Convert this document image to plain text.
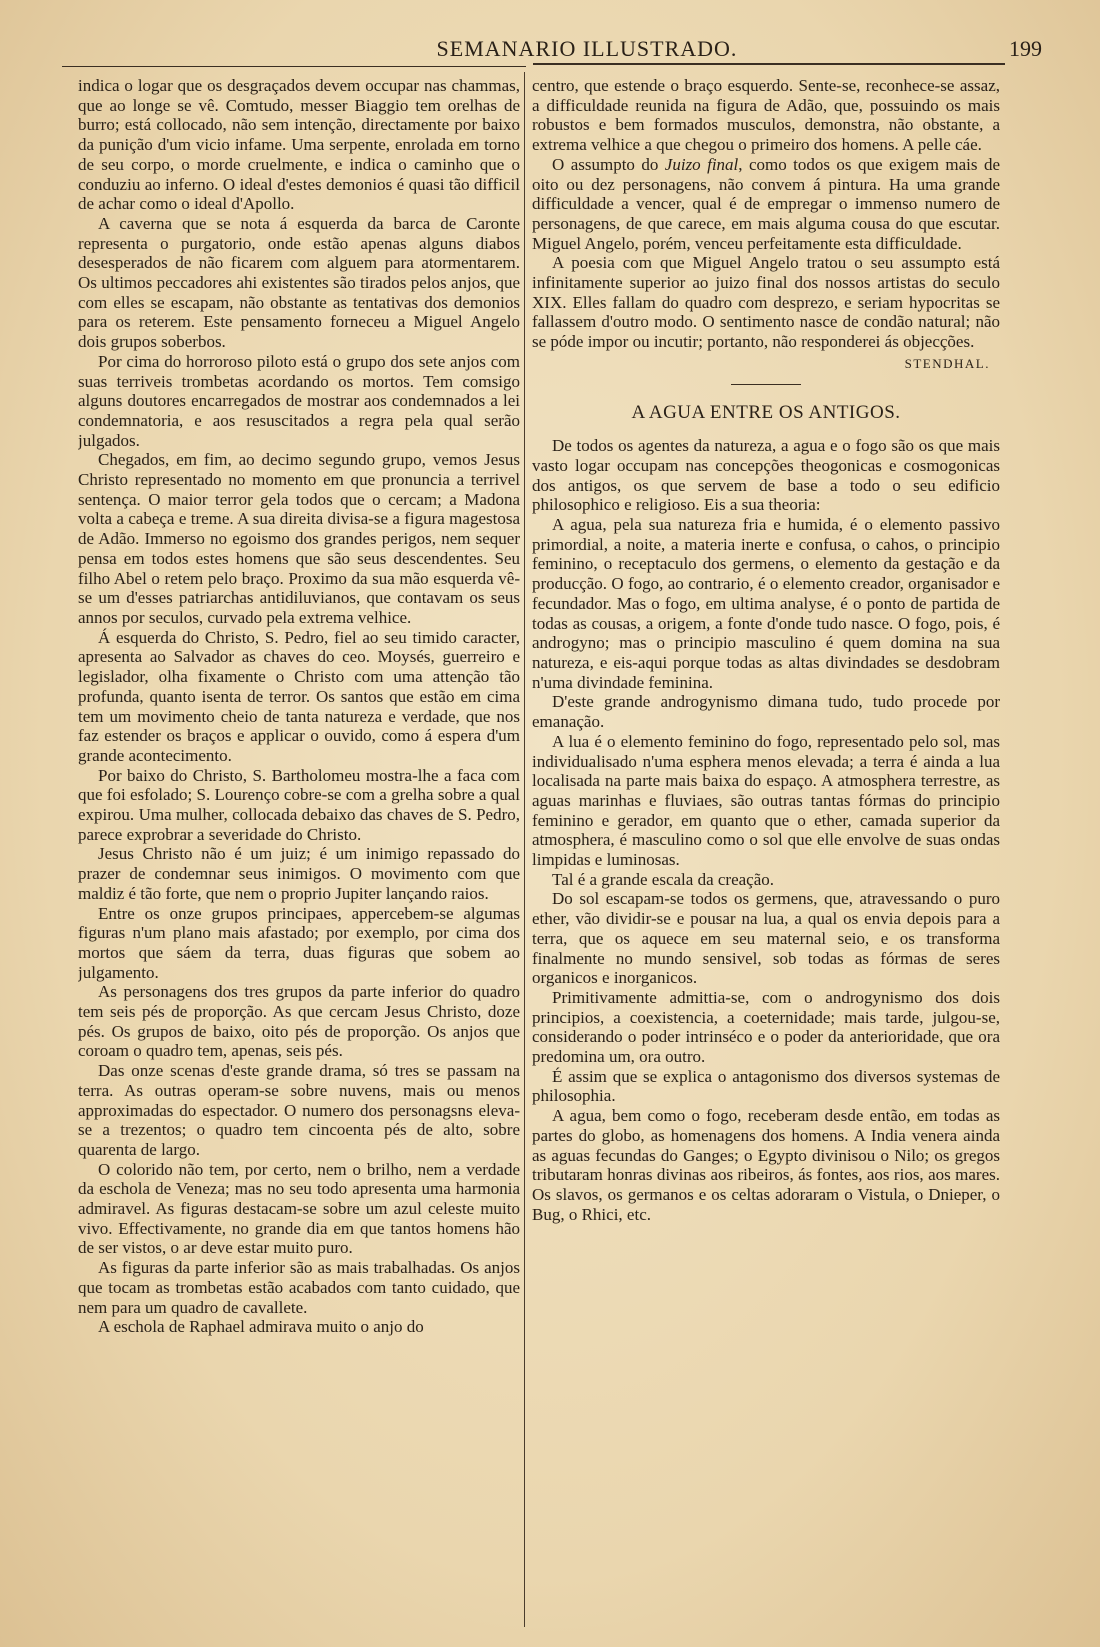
SEMANARIO ILLUSTRADO.	199

indica o logar que os desgraçados devem occupar nas chammas, que ao longe se vê. Comtudo, messer Biaggio tem orelhas de burro; está collocado, não sem intenção, directamente por baixo da punição d'um vicio infame. Uma serpente, enrolada em torno de seu corpo, o morde cruelmente, e indica o caminho que o conduziu ao inferno. O ideal d'estes demonios é quasi tão difficil de achar como o ideal d'Apollo.

A caverna que se nota á esquerda da barca de Caronte representa o purgatorio, onde estão apenas alguns diabos desesperados de não ficarem com alguem para atormentarem. Os ultimos peccadores ahi existentes são tirados pelos anjos, que com elles se escapam, não obstante as tentativas dos demonios para os reterem. Este pensamento forneceu a Miguel Angelo dois grupos soberbos.

Por cima do horroroso piloto está o grupo dos sete anjos com suas terriveis trombetas acordando os mortos. Tem comsigo alguns doutores encarregados de mostrar aos condemnados a lei condemnatoria, e aos resuscitados a regra pela qual serão julgados.

Chegados, em fim, ao decimo segundo grupo, vemos Jesus Christo representado no momento em que pronuncia a terrivel sentença. O maior terror gela todos que o cercam; a Madona volta a cabeça e treme. A sua direita divisa-se a figura magestosa de Adão. Immerso no egoismo dos grandes perigos, nem sequer pensa em todos estes homens que são seus descendentes. Seu filho Abel o retem pelo braço. Proximo da sua mão esquerda vê-se um d'esses patriarchas antidiluvianos, que contavam os seus annos por seculos, curvado pela extrema velhice.

Á esquerda do Christo, S. Pedro, fiel ao seu timido caracter, apresenta ao Salvador as chaves do ceo. Moysés, guerreiro e legislador, olha fixamente o Christo com uma attenção tão profunda, quanto isenta de terror. Os santos que estão em cima tem um movimento cheio de tanta natureza e verdade, que nos faz estender os braços e applicar o ouvido, como á espera d'um grande acontecimento.

Por baixo do Christo, S. Bartholomeu mostra-lhe a faca com que foi esfolado; S. Lourenço cobre-se com a grelha sobre a qual expirou. Uma mulher, collocada debaixo das chaves de S. Pedro, parece exprobrar a severidade do Christo.

Jesus Christo não é um juiz; é um inimigo repassado do prazer de condemnar seus inimigos. O movimento com que maldiz é tão forte, que nem o proprio Jupiter lançando raios.

Entre os onze grupos principaes, appercebem-se algumas figuras n'um plano mais afastado; por exemplo, por cima dos mortos que sáem da terra, duas figuras que sobem ao julgamento.

As personagens dos tres grupos da parte inferior do quadro tem seis pés de proporção. As que cercam Jesus Christo, doze pés. Os grupos de baixo, oito pés de proporção. Os anjos que coroam o quadro tem, apenas, seis pés.

Das onze scenas d'este grande drama, só tres se passam na terra. As outras operam-se sobre nuvens, mais ou menos approximadas do espectador. O numero dos personagsns eleva-se a trezentos; o quadro tem cincoenta pés de alto, sobre quarenta de largo.

O colorido não tem, por certo, nem o brilho, nem a verdade da eschola de Veneza; mas no seu todo apresenta uma harmonia admiravel. As figuras destacam-se sobre um azul celeste muito vivo. Effectivamente, no grande dia em que tantos homens hão de ser vistos, o ar deve estar muito puro.

As figuras da parte inferior são as mais trabalhadas. Os anjos que tocam as trombetas estão acabados com tanto cuidado, que nem para um quadro de cavallete.

A eschola de Raphael admirava muito o anjo do

centro, que estende o braço esquerdo. Sente-se, reconhece-se assaz, a difficuldade reunida na figura de Adão, que, possuindo os mais robustos e bem formados musculos, demonstra, não obstante, a extrema velhice a que chegou o primeiro dos homens. A pelle cáe.

O assumpto do Juizo final, como todos os que exigem mais de oito ou dez personagens, não convem á pintura. Ha uma grande difficuldade a vencer, qual é de empregar o immenso numero de personagens, de que carece, em mais alguma cousa do que escutar. Miguel Angelo, porém, venceu perfeitamente esta difficuldade.

A poesia com que Miguel Angelo tratou o seu assumpto está infinitamente superior ao juizo final dos nossos artistas do seculo XIX. Elles fallam do quadro com desprezo, e seriam hypocritas se fallassem d'outro modo. O sentimento nasce de condão natural; não se póde impor ou incutir; portanto, não responderei ás objecções.

STENDHAL.
A AGUA ENTRE OS ANTIGOS.

De todos os agentes da natureza, a agua e o fogo são os que mais vasto logar occupam nas concepções theogonicas e cosmogonicas dos antigos, os que servem de base a todo o seu edificio philosophico e religioso. Eis a sua theoria:

A agua, pela sua natureza fria e humida, é o elemento passivo primordial, a noite, a materia inerte e confusa, o cahos, o principio feminino, o receptaculo dos germens, o elemento da gestação e da producção. O fogo, ao contrario, é o elemento creador, organisador e fecundador. Mas o fogo, em ultima analyse, é o ponto de partida de todas as cousas, a origem, a fonte d'onde tudo nasce. O fogo, pois, é androgyno; mas o principio masculino é quem domina na sua natureza, e eis-aqui porque todas as altas divindades se desdobram n'uma divindade feminina.

D'este grande androgynismo dimana tudo, tudo procede por emanação.

A lua é o elemento feminino do fogo, representado pelo sol, mas individualisado n'uma esphera menos elevada; a terra é ainda a lua localisada na parte mais baixa do espaço. A atmosphera terrestre, as aguas marinhas e fluviaes, são outras tantas fórmas do principio feminino e gerador, em quanto que o ether, camada superior da atmosphera, é masculino como o sol que elle envolve de suas ondas limpidas e luminosas.

Tal é a grande escala da creação.

Do sol escapam-se todos os germens, que, atravessando o puro ether, vão dividir-se e pousar na lua, a qual os envia depois para a terra, que os aquece em seu maternal seio, e os transforma finalmente no mundo sensivel, sob todas as fórmas de seres organicos e inorganicos.

Primitivamente admittia-se, com o androgynismo dos dois principios, a coexistencia, a coeternidade; mais tarde, julgou-se, considerando o poder intrinséco e o poder da anterioridade, que ora predomina um, ora outro.

É assim que se explica o antagonismo dos diversos systemas de philosophia.

A agua, bem como o fogo, receberam desde então, em todas as partes do globo, as homenagens dos homens. A India venera ainda as aguas fecundas do Ganges; o Egypto divinisou o Nilo; os gregos tributaram honras divinas aos ribeiros, ás fontes, aos rios, aos mares. Os slavos, os germanos e os celtas adoraram o Vistula, o Dnieper, o Bug, o Rhici, etc.
